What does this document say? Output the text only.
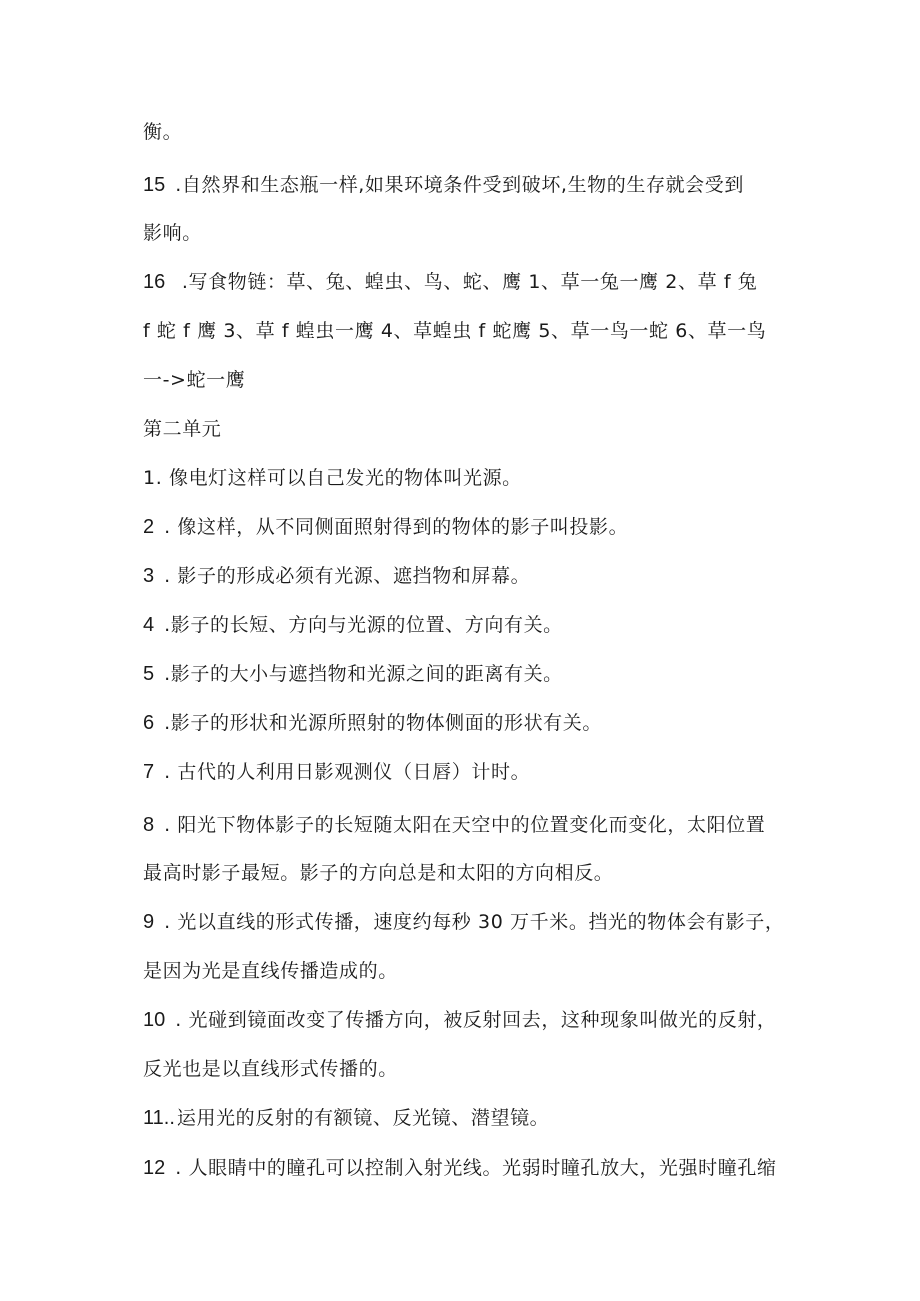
衡。
15 .自然界和生态瓶一样,如果环境条件受到破坏,生物的生存就会受到
影响。
16 .写食物链：草、兔、蝗虫、鸟、蛇、鹰 1、草一兔一鹰 2、草 f 兔
f 蛇 f 鹰 3、草 f 蝗虫一鹰 4、草蝗虫 f 蛇鹰 5、草一鸟一蛇 6、草一鸟
一->蛇一鹰
第二单元
1. 像电灯这样可以自己发光的物体叫光源。
2 . 像这样，从不同侧面照射得到的物体的影子叫投影。
3 . 影子的形成必须有光源、遮挡物和屏幕。
4 .影子的长短、方向与光源的位置、方向有关。
5 .影子的大小与遮挡物和光源之间的距离有关。
6 .影子的形状和光源所照射的物体侧面的形状有关。
7 . 古代的人利用日影观测仪（日唇）计时。
8 . 阳光下物体影子的长短随太阳在天空中的位置变化而变化，太阳位置
最高时影子最短。影子的方向总是和太阳的方向相反。
9 . 光以直线的形式传播，速度约每秒 30 万千米。挡光的物体会有影子，
是因为光是直线传播造成的。
10 . 光碰到镜面改变了传播方向，被反射回去，这种现象叫做光的反射，
反光也是以直线形式传播的。
11.. 运用光的反射的有额镜、反光镜、潜望镜。
12 . 人眼睛中的瞳孔可以控制入射光线。光弱时瞳孔放大，光强时瞳孔缩
